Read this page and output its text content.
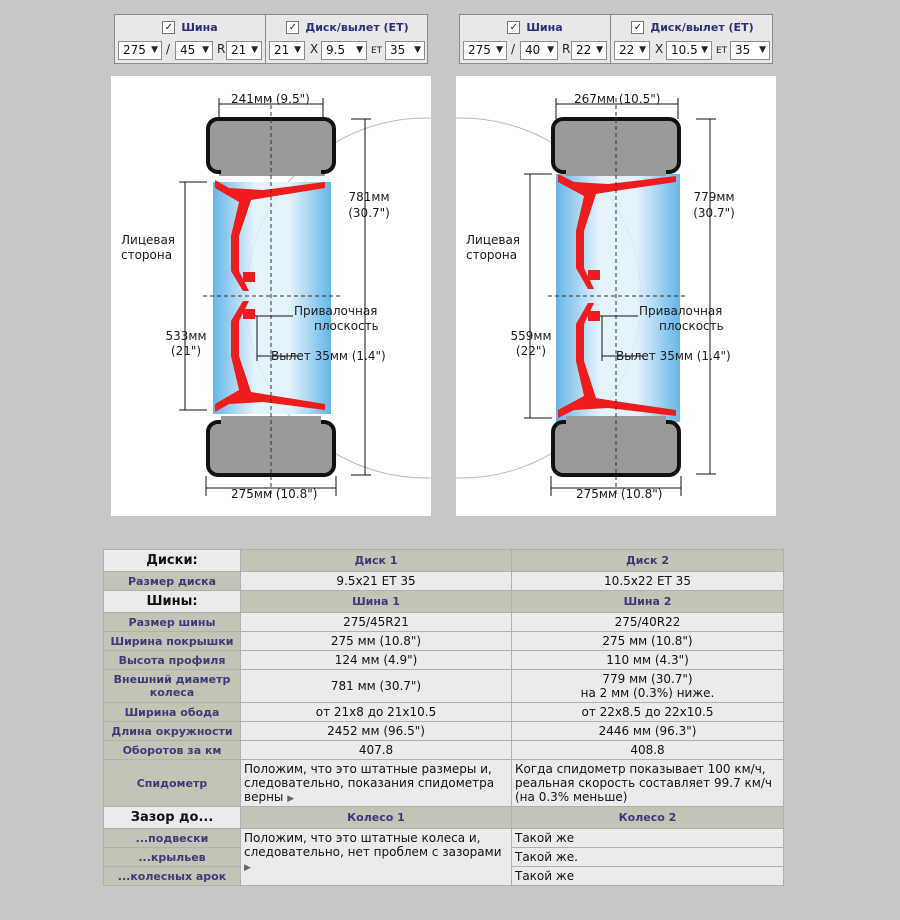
✓ Шина	✓ Диск/вылет (ET)
275 ▼	/ 45 ▼	R 21 ▼	21 ▼	X 9.5 ▼	ET 35 ▼
✓ Шина	✓ Диск/вылет (ET)
275 ▼	/ 40 ▼	R 22 ▼	22 ▼	X 10.5 ▼	ET 35 ▼
241мм (9.5")
781мм
(30.7")
Лицевая
сторона
Привалочная
плоскость
533мм
(21")	Вылет 35мм (1.4")
275мм (10.8")
267мм (10.5")
779мм
(30.7")
Лицевая
сторона
Привалочная
плоскость
559мм
(22")	Вылет 35мм (1.4")
275мм (10.8")
Диски:	Диск 1	Диск 2
Размер диска	9.5x21 ET 35	10.5x22 ET 35
Шины:	Шина 1	Шина 2
Размер шины	275/45R21	275/40R22
Ширина покрышки	275 мм (10.8")	275 мм (10.8")
Высота профиля	124 мм (4.9")	110 мм (4.3")
Внешний диаметр колеса	781 мм (30.7")	779 мм (30.7")
на 2 мм (0.3%) ниже.

Ширина обода	от 21x8 до 21x10.5	от 22x8.5 до 22x10.5
Длина окружности	2452 мм (96.5")	2446 мм (96.3")
Оборотов за км	407.8	408.8
Спидометр	Положим, что это штатные размеры и, следовательно, показания спидометра верны ▶	Когда спидометр показывает 100 км/ч, реальная скорость составляет 99.7 км/ч (на 0.3% меньше)
Зазор до...	Колесо 1	Колесо 2
...подвески	Положим, что это штатные колеса и, следовательно, нет проблем с зазорами ▶	Такой же
...крыльев		Такой же.
...колесных арок		Такой же
